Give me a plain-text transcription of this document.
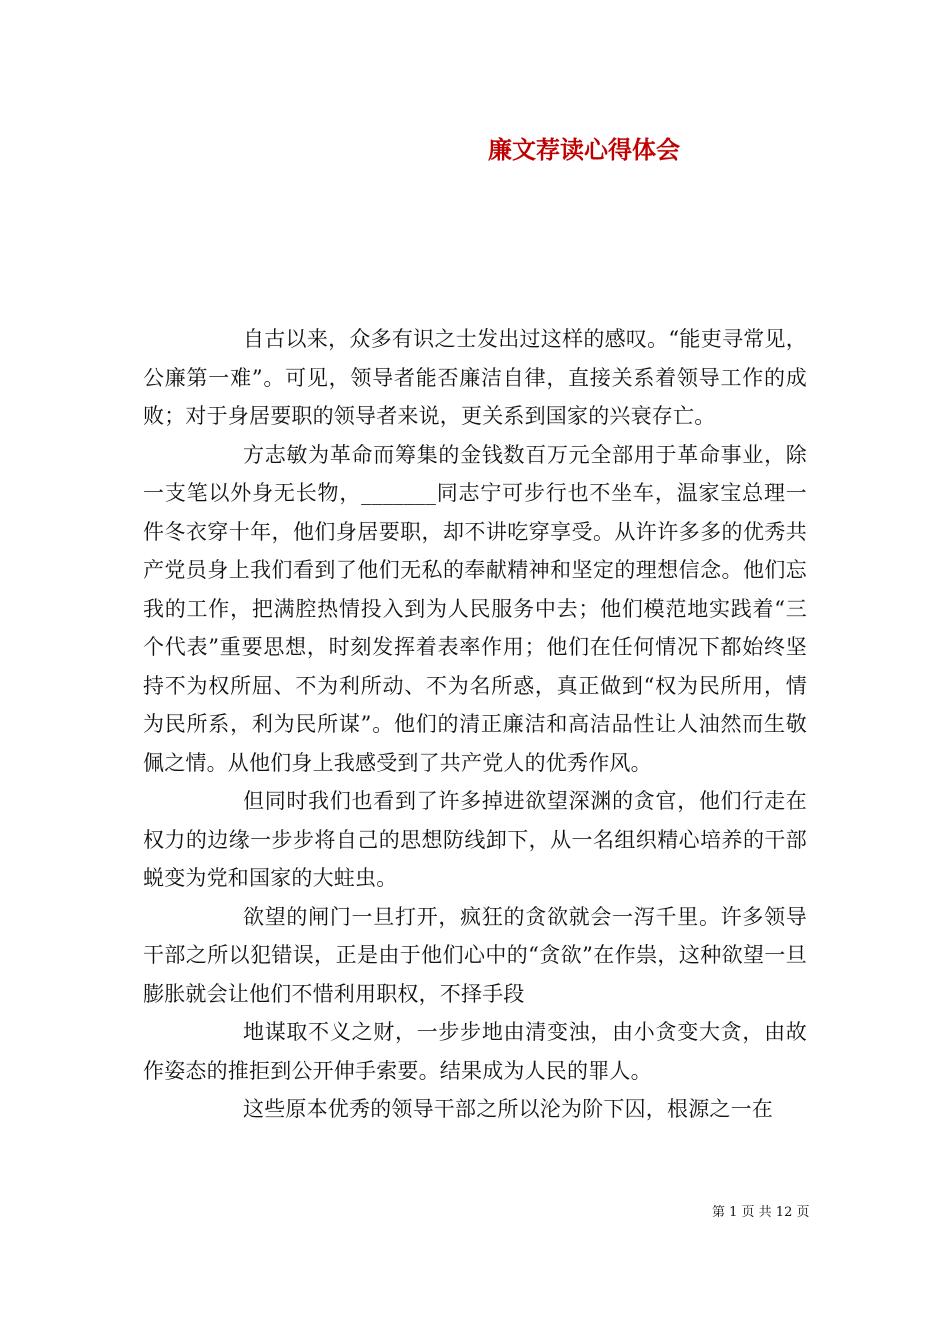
廉文荐读心得体会

自古以来，众多有识之士发出过这样的感叹。“能吏寻常见，公廉第一难”。可见，领导者能否廉洁自律，直接关系着领导工作的成败；对于身居要职的领导者来说，更关系到国家的兴衰存亡。

方志敏为革命而筹集的金钱数百万元全部用于革命事业，除一支笔以外身无长物，_______同志宁可步行也不坐车，温家宝总理一件冬衣穿十年，他们身居要职，却不讲吃穿享受。从许许多多的优秀共产党员身上我们看到了他们无私的奉献精神和坚定的理想信念。他们忘我的工作，把满腔热情投入到为人民服务中去；他们模范地实践着“三个代表”重要思想，时刻发挥着表率作用；他们在任何情况下都始终坚持不为权所屈、不为利所动、不为名所惑，真正做到“权为民所用，情为民所系，利为民所谋”。他们的清正廉洁和高洁品性让人油然而生敬佩之情。从他们身上我感受到了共产党人的优秀作风。

但同时我们也看到了许多掉进欲望深渊的贪官，他们行走在权力的边缘一步步将自己的思想防线卸下，从一名组织精心培养的干部蜕变为党和国家的大蛀虫。

欲望的闸门一旦打开，疯狂的贪欲就会一泻千里。许多领导干部之所以犯错误，正是由于他们心中的“贪欲”在作祟，这种欲望一旦膨胀就会让他们不惜利用职权，不择手段

地谋取不义之财，一步步地由清变浊，由小贪变大贪，由故作姿态的推拒到公开伸手索要。结果成为人民的罪人。

这些原本优秀的领导干部之所以沦为阶下囚，根源之一在

第 1 页 共 12 页
